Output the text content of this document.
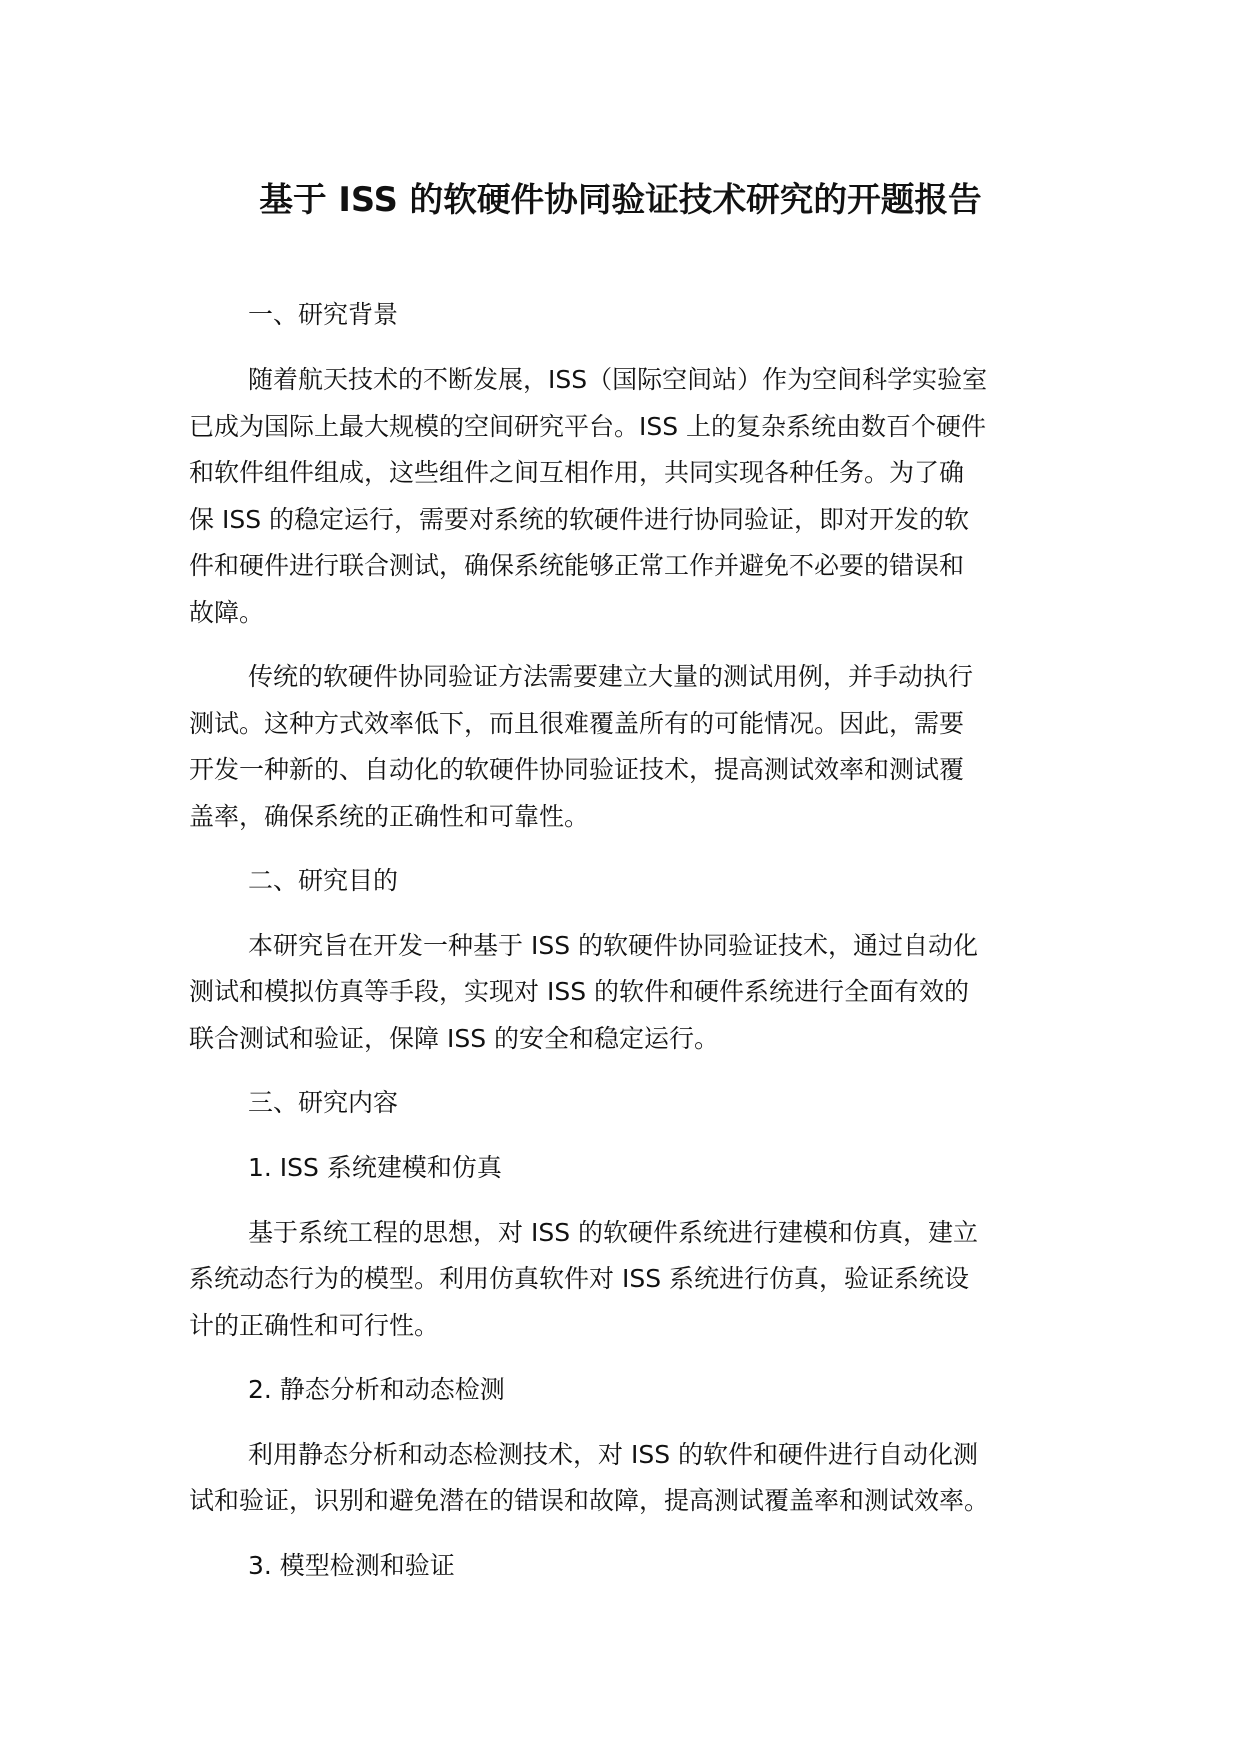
基于 ISS 的软硬件协同验证技术研究的开题报告
一、研究背景
随着航天技术的不断发展，ISS（国际空间站）作为空间科学实验室
已成为国际上最大规模的空间研究平台。ISS 上的复杂系统由数百个硬件
和软件组件组成，这些组件之间互相作用，共同实现各种任务。为了确
保 ISS 的稳定运行，需要对系统的软硬件进行协同验证，即对开发的软
件和硬件进行联合测试，确保系统能够正常工作并避免不必要的错误和
故障。
传统的软硬件协同验证方法需要建立大量的测试用例，并手动执行
测试。这种方式效率低下，而且很难覆盖所有的可能情况。因此，需要
开发一种新的、自动化的软硬件协同验证技术，提高测试效率和测试覆
盖率，确保系统的正确性和可靠性。
二、研究目的
本研究旨在开发一种基于 ISS 的软硬件协同验证技术，通过自动化
测试和模拟仿真等手段，实现对 ISS 的软件和硬件系统进行全面有效的
联合测试和验证，保障 ISS 的安全和稳定运行。
三、研究内容
1. ISS 系统建模和仿真
基于系统工程的思想，对 ISS 的软硬件系统进行建模和仿真，建立
系统动态行为的模型。利用仿真软件对 ISS 系统进行仿真，验证系统设
计的正确性和可行性。
2. 静态分析和动态检测
利用静态分析和动态检测技术，对 ISS 的软件和硬件进行自动化测
试和验证，识别和避免潜在的错误和故障，提高测试覆盖率和测试效率。
3. 模型检测和验证
